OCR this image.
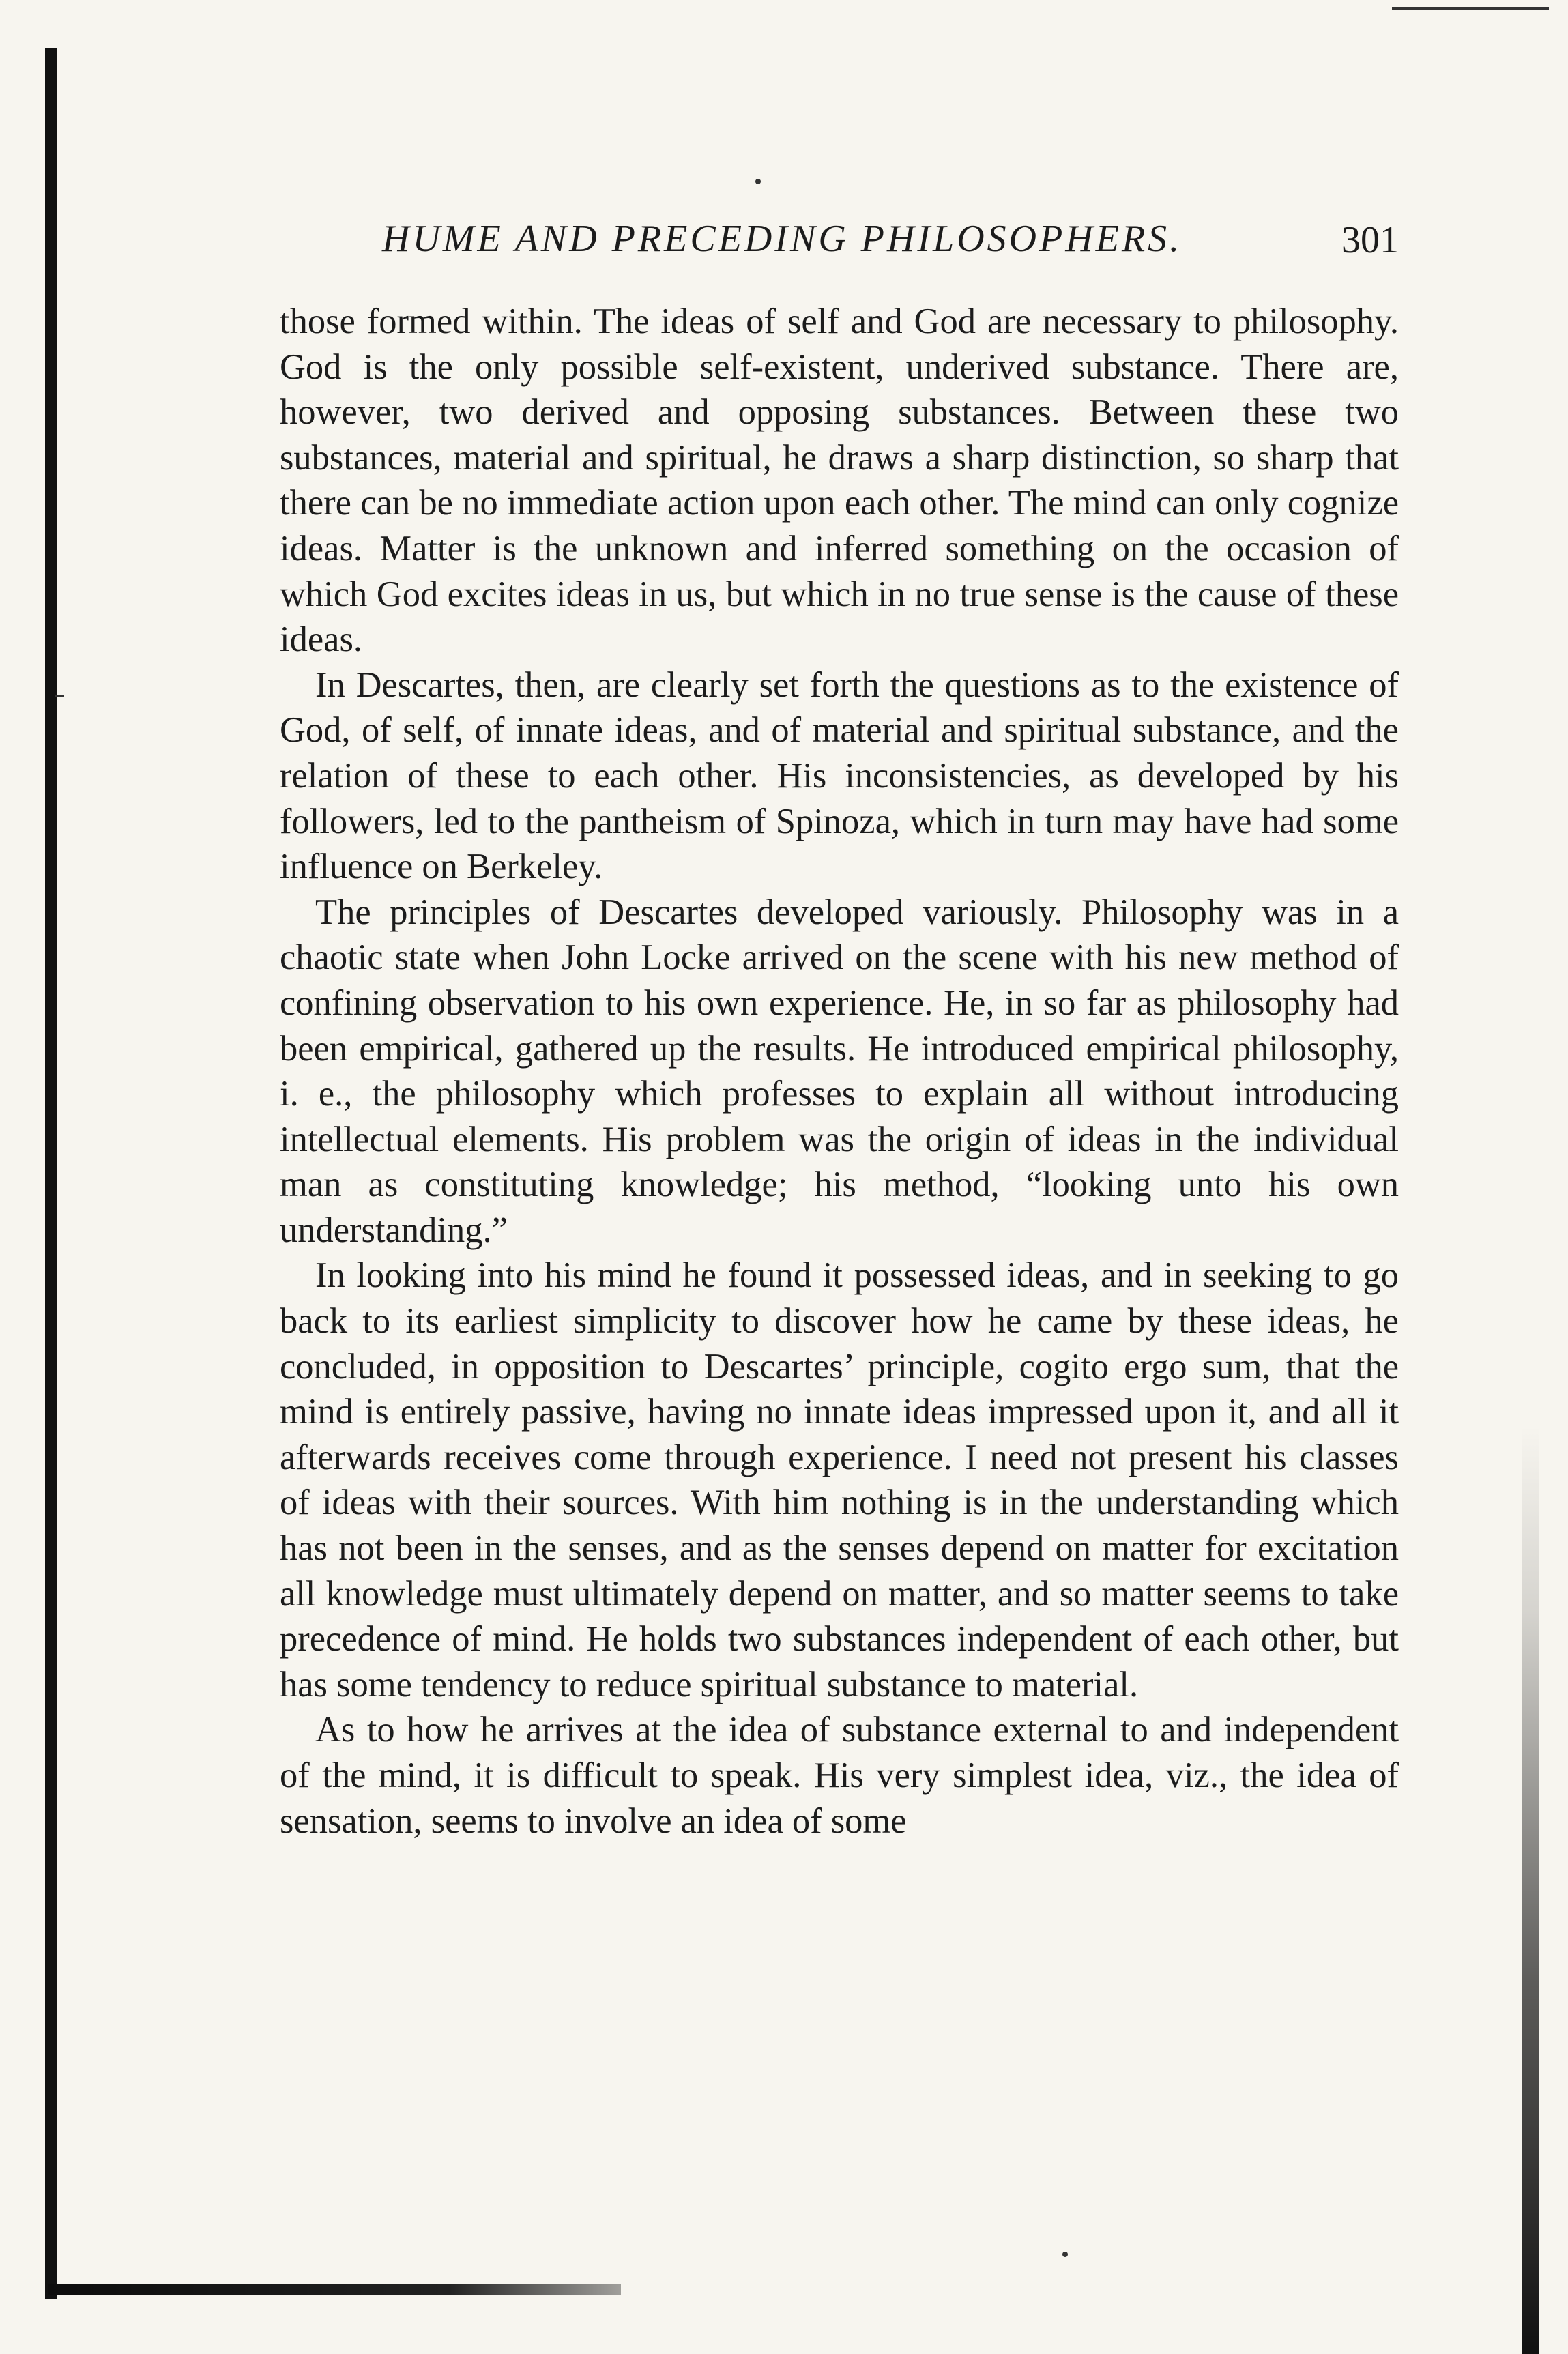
HUME AND PRECEDING PHILOSOPHERS.	301

those formed within. The ideas of self and God are necessary to philosophy. God is the only possible self-existent, underived substance. There are, however, two derived and opposing substances. Between these two substances, material and spiritual, he draws a sharp distinction, so sharp that there can be no immediate action upon each other. The mind can only cognize ideas. Matter is the unknown and inferred something on the occasion of which God excites ideas in us, but which in no true sense is the cause of these ideas.

In Descartes, then, are clearly set forth the questions as to the existence of God, of self, of innate ideas, and of material and spiritual substance, and the relation of these to each other. His inconsistencies, as developed by his followers, led to the pantheism of Spinoza, which in turn may have had some influence on Berkeley.

The principles of Descartes developed variously. Philosophy was in a chaotic state when John Locke arrived on the scene with his new method of confining observation to his own experience. He, in so far as philosophy had been empirical, gathered up the results. He introduced empirical philosophy, i. e., the philosophy which professes to explain all without introducing intellectual elements. His problem was the origin of ideas in the individual man as constituting knowledge; his method, “looking unto his own understanding.”

In looking into his mind he found it possessed ideas, and in seeking to go back to its earliest simplicity to discover how he came by these ideas, he concluded, in opposition to Descartes’ principle, cogito ergo sum, that the mind is entirely passive, having no innate ideas impressed upon it, and all it afterwards receives come through experience. I need not present his classes of ideas with their sources. With him nothing is in the understanding which has not been in the senses, and as the senses depend on matter for excitation all knowledge must ultimately depend on matter, and so matter seems to take precedence of mind. He holds two substances independent of each other, but has some tendency to reduce spiritual substance to material.

As to how he arrives at the idea of substance external to and independent of the mind, it is difficult to speak. His very simplest idea, viz., the idea of sensation, seems to involve an idea of some
